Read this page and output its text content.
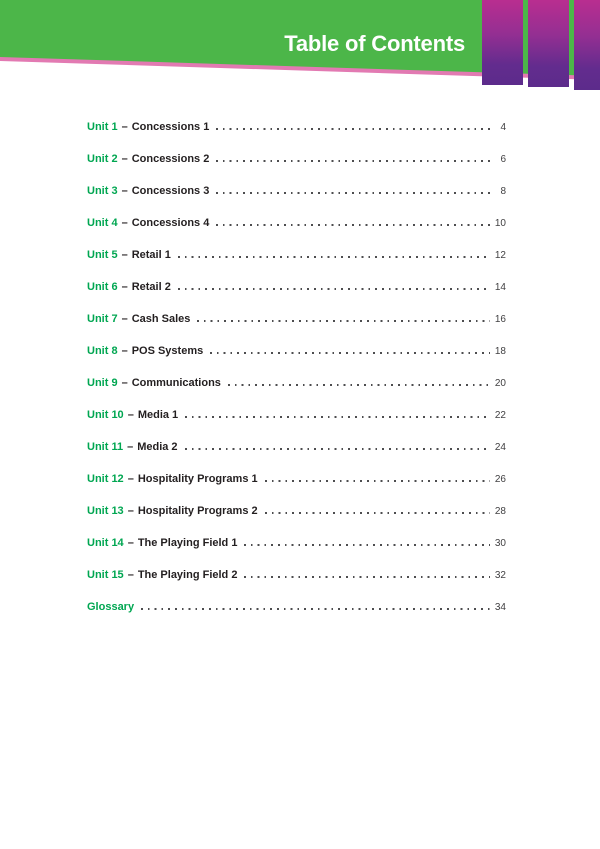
Table of Contents
Unit 1 – Concessions 1	4
Unit 2 – Concessions 2	6
Unit 3 – Concessions 3	8
Unit 4 – Concessions 4	10
Unit 5 – Retail 1	12
Unit 6 – Retail 2	14
Unit 7 – Cash Sales	16
Unit 8 – POS Systems	18
Unit 9 – Communications	20
Unit 10 – Media 1	22
Unit 11 – Media 2	24
Unit 12 – Hospitality Programs 1	26
Unit 13 – Hospitality Programs 2	28
Unit 14 – The Playing Field 1	30
Unit 15 – The Playing Field 2	32
Glossary	34
